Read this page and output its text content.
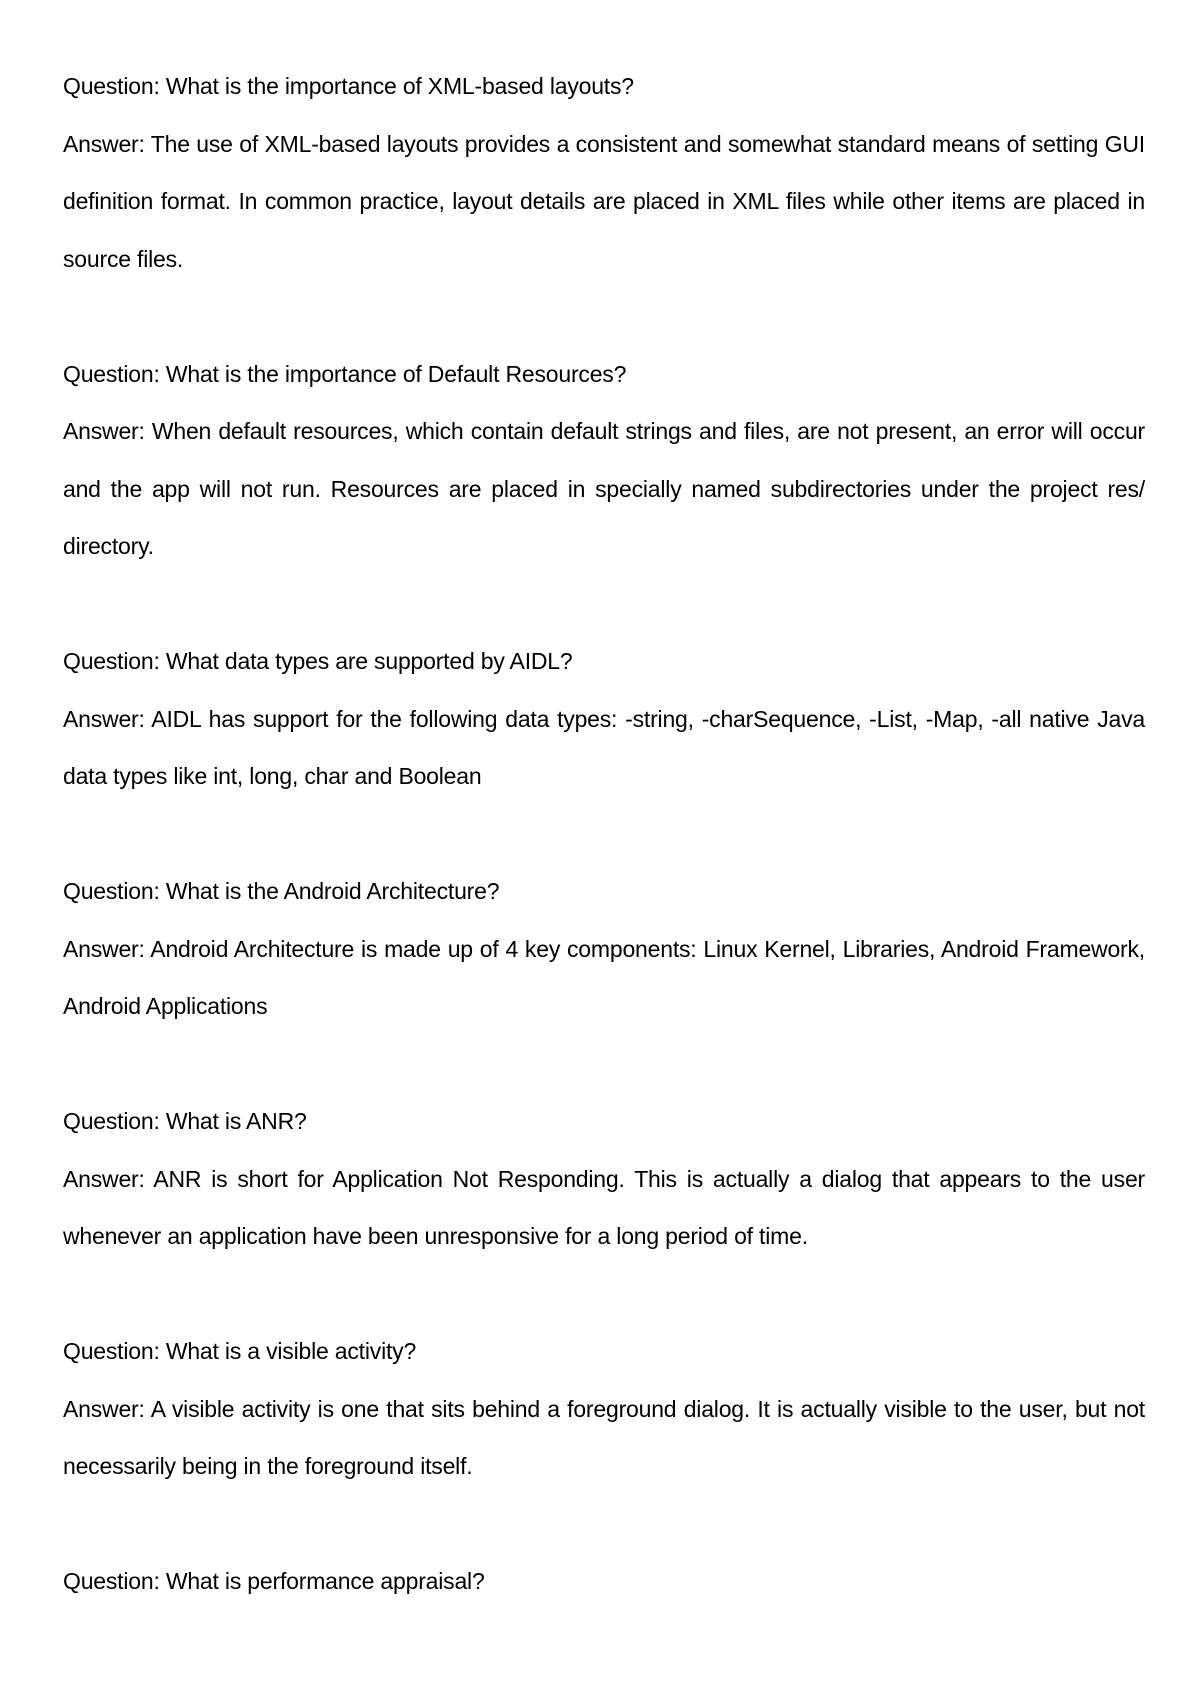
Question: What is the importance of XML-based layouts?

Answer: The use of XML-based layouts provides a consistent and somewhat standard means of setting GUI definition format. In common practice, layout details are placed in XML files while other items are placed in source files.

Question: What is the importance of Default Resources?

Answer: When default resources, which contain default strings and files, are not present, an error will occur and the app will not run. Resources are placed in specially named subdirectories under the project res/ directory.

Question: What data types are supported by AIDL?

Answer: AIDL has support for the following data types: -string, -charSequence, -List, -Map, -all native Java data types like int, long, char and Boolean

Question: What is the Android Architecture?

Answer: Android Architecture is made up of 4 key components: Linux Kernel, Libraries, Android Framework, Android Applications

Question: What is ANR?

Answer: ANR is short for Application Not Responding. This is actually a dialog that appears to the user whenever an application have been unresponsive for a long period of time.

Question: What is a visible activity?

Answer: A visible activity is one that sits behind a foreground dialog. It is actually visible to the user, but not necessarily being in the foreground itself.

Question: What is performance appraisal?
